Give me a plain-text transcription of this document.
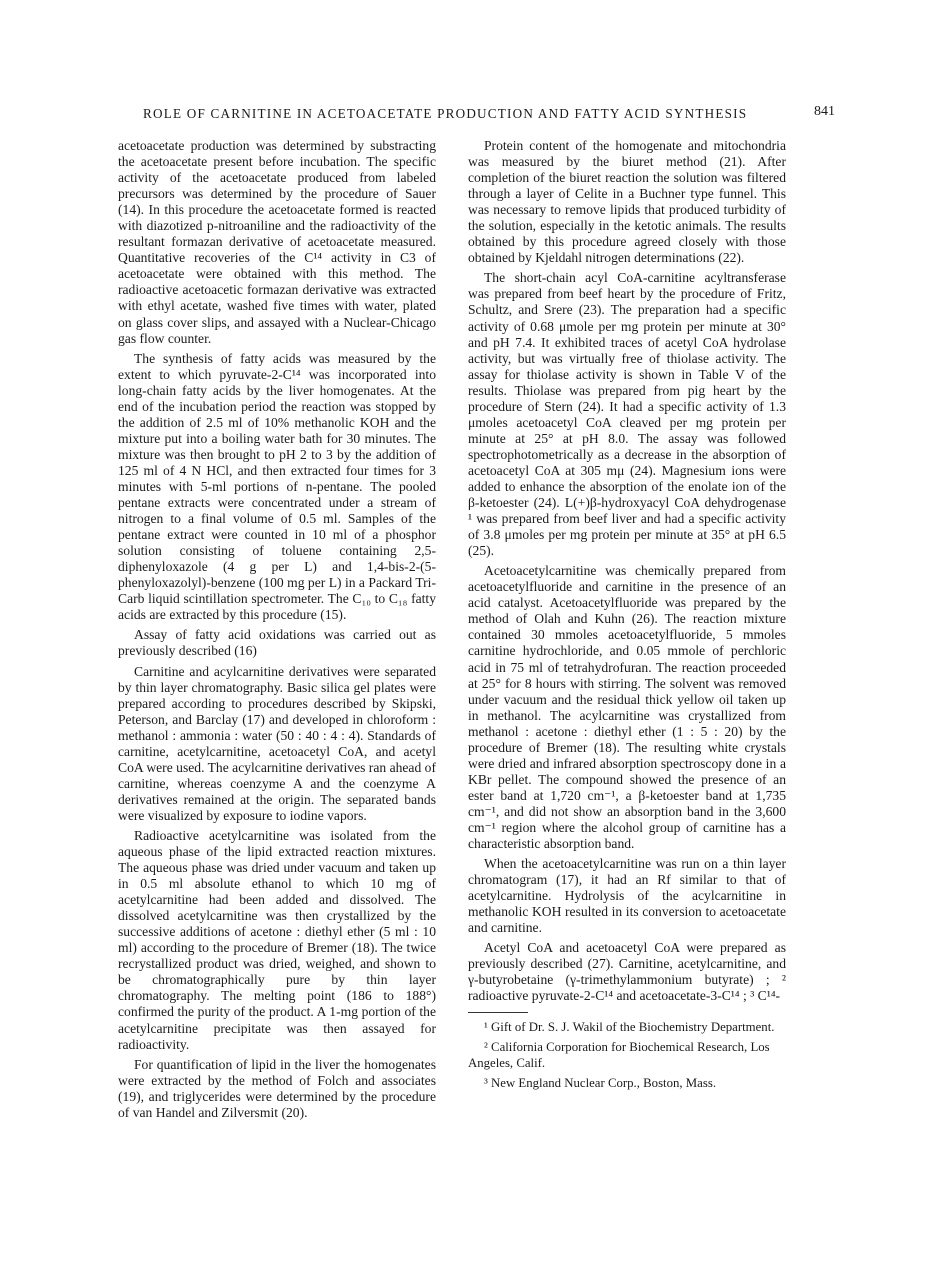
ROLE OF CARNITINE IN ACETOACETATE PRODUCTION AND FATTY ACID SYNTHESIS	841

acetoacetate production was determined by substracting the acetoacetate present before incubation. The specific activity of the acetoacetate produced from labeled precursors was determined by the procedure of Sauer (14). In this procedure the acetoacetate formed is reacted with diazotized p-nitroaniline and the radioactivity of the resultant formazan derivative of acetoacetate measured. Quantitative recoveries of the C¹⁴ activity in C3 of acetoacetate were obtained with this method. The radioactive acetoacetic formazan derivative was extracted with ethyl acetate, washed five times with water, plated on glass cover slips, and assayed with a Nuclear-Chicago gas flow counter.

The synthesis of fatty acids was measured by the extent to which pyruvate-2-C¹⁴ was incorporated into long-chain fatty acids by the liver homogenates. At the end of the incubation period the reaction was stopped by the addition of 2.5 ml of 10% methanolic KOH and the mixture put into a boiling water bath for 30 minutes. The mixture was then brought to pH 2 to 3 by the addition of 125 ml of 4 N HCl, and then extracted four times for 3 minutes with 5-ml portions of n-pentane. The pooled pentane extracts were concentrated under a stream of nitrogen to a final volume of 0.5 ml. Samples of the pentane extract were counted in 10 ml of a phosphor solution consisting of toluene containing 2,5-diphenyloxazole (4 g per L) and 1,4-bis-2-(5-phenyloxazolyl)-benzene (100 mg per L) in a Packard Tri-Carb liquid scintillation spectrometer. The C₁₀ to C₁₈ fatty acids are extracted by this procedure (15).

Assay of fatty acid oxidations was carried out as previously described (16)

Carnitine and acylcarnitine derivatives were separated by thin layer chromatography. Basic silica gel plates were prepared according to procedures described by Skipski, Peterson, and Barclay (17) and developed in chloroform : methanol : ammonia : water (50 : 40 : 4 : 4). Standards of carnitine, acetylcarnitine, acetoacetyl CoA, and acetyl CoA were used. The acylcarnitine derivatives ran ahead of carnitine, whereas coenzyme A and the coenzyme A derivatives remained at the origin. The separated bands were visualized by exposure to iodine vapors.

Radioactive acetylcarnitine was isolated from the aqueous phase of the lipid extracted reaction mixtures. The aqueous phase was dried under vacuum and taken up in 0.5 ml absolute ethanol to which 10 mg of acetylcarnitine had been added and dissolved. The dissolved acetylcarnitine was then crystallized by the successive additions of acetone : diethyl ether (5 ml : 10 ml) according to the procedure of Bremer (18). The twice recrystallized product was dried, weighed, and shown to be chromatographically pure by thin layer chromatography. The melting point (186 to 188°) confirmed the purity of the product. A 1-mg portion of the acetylcarnitine precipitate was then assayed for radioactivity.

For quantification of lipid in the liver the homogenates were extracted by the method of Folch and associates (19), and triglycerides were determined by the procedure of van Handel and Zilversmit (20).

Protein content of the homogenate and mitochondria was measured by the biuret method (21). After completion of the biuret reaction the solution was filtered through a layer of Celite in a Buchner type funnel. This was necessary to remove lipids that produced turbidity of the solution, especially in the ketotic animals. The results obtained by this procedure agreed closely with those obtained by Kjeldahl nitrogen determinations (22).

The short-chain acyl CoA-carnitine acyltransferase was prepared from beef heart by the procedure of Fritz, Schultz, and Srere (23). The preparation had a specific activity of 0.68 μmole per mg protein per minute at 30° and pH 7.4. It exhibited traces of acetyl CoA hydrolase activity, but was virtually free of thiolase activity. The assay for thiolase activity is shown in Table V of the results. Thiolase was prepared from pig heart by the procedure of Stern (24). It had a specific activity of 1.3 μmoles acetoacetyl CoA cleaved per mg protein per minute at 25° at pH 8.0. The assay was followed spectrophotometrically as a decrease in the absorption of acetoacetyl CoA at 305 mμ (24). Magnesium ions were added to enhance the absorption of the enolate ion of the β-ketoester (24). L(+)β-hydroxyacyl CoA dehydrogenase ¹ was prepared from beef liver and had a specific activity of 3.8 μmoles per mg protein per minute at 35° at pH 6.5 (25).

Acetoacetylcarnitine was chemically prepared from acetoacetylfluoride and carnitine in the presence of an acid catalyst. Acetoacetylfluoride was prepared by the method of Olah and Kuhn (26). The reaction mixture contained 30 mmoles acetoacetylfluoride, 5 mmoles carnitine hydrochloride, and 0.05 mmole of perchloric acid in 75 ml of tetrahydrofuran. The reaction proceeded at 25° for 8 hours with stirring. The solvent was removed under vacuum and the residual thick yellow oil taken up in methanol. The acylcarnitine was crystallized from methanol : acetone : diethyl ether (1 : 5 : 20) by the procedure of Bremer (18). The resulting white crystals were dried and infrared absorption spectroscopy done in a KBr pellet. The compound showed the presence of an ester band at 1,720 cm⁻¹, a β-ketoester band at 1,735 cm⁻¹, and did not show an absorption band in the 3,600 cm⁻¹ region where the alcohol group of carnitine has a characteristic absorption band.

When the acetoacetylcarnitine was run on a thin layer chromatogram (17), it had an Rf similar to that of acetylcarnitine. Hydrolysis of the acylcarnitine in methanolic KOH resulted in its conversion to acetoacetate and carnitine.

Acetyl CoA and acetoacetyl CoA were prepared as previously described (27). Carnitine, acetylcarnitine, and γ-butyrobetaine (γ-trimethylammonium butyrate) ; ² radioactive pyruvate-2-C¹⁴ and acetoacetate-3-C¹⁴ ; ³ C¹⁴-

¹ Gift of Dr. S. J. Wakil of the Biochemistry Department.

² California Corporation for Biochemical Research, Los Angeles, Calif.

³ New England Nuclear Corp., Boston, Mass.
